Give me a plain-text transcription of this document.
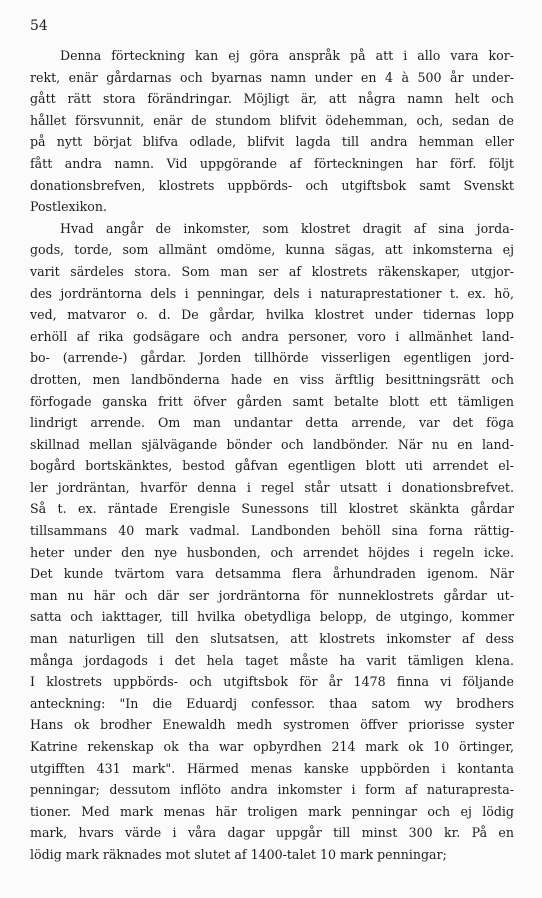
54
Denna förteckning kan ej göra anspråk på att i allo vara kor-
rekt, enär gårdarnas och byarnas namn under en 4 à 500 år under-
gått rätt stora förändringar. Möjligt är, att några namn helt och
hållet försvunnit, enär de stundom blifvit ödehemman, och, sedan de
på nytt börjat blifva odlade, blifvit lagda till andra hemman eller
fått andra namn. Vid uppgörande af förteckningen har förf. följt
donationsbrefven, klostrets uppbörds- och utgiftsbok samt Svenskt
Postlexikon.
Hvad angår de inkomster, som klostret dragit af sina jorda-
gods, torde, som allmänt omdöme, kunna sägas, att inkomsterna ej
varit särdeles stora. Som man ser af klostrets räkenskaper, utgjor-
des jordräntorna dels i penningar, dels i naturaprestationer t. ex. hö,
ved, matvaror o. d. De gårdar, hvilka klostret under tidernas lopp
erhöll af rika godsägare och andra personer, voro i allmänhet land-
bo- (arrende-) gårdar. Jorden tillhörde visserligen egentligen jord-
drotten, men landbönderna hade en viss ärftlig besittningsrätt och
förfogade ganska fritt öfver gården samt betalte blott ett tämligen
lindrigt arrende. Om man undantar detta arrende, var det föga
skillnad mellan självägande bönder och landbönder. När nu en land-
bogård bortskänktes, bestod gåfvan egentligen blott uti arrendet el-
ler jordräntan, hvarför denna i regel står utsatt i donationsbrefvet.
Så t. ex. räntade Erengisle Sunessons till klostret skänkta gårdar
tillsammans 40 mark vadmal. Landbonden behöll sina forna rättig-
heter under den nye husbonden, och arrendet höjdes i regeln icke.
Det kunde tvärtom vara detsamma flera århundraden igenom. När
man nu här och där ser jordräntorna för nunneklostrets gårdar ut-
satta och iakttager, till hvilka obetydliga belopp, de utgingo, kommer
man naturligen till den slutsatsen, att klostrets inkomster af dess
många jordagods i det hela taget måste ha varit tämligen klena.
I klostrets uppbörds- och utgiftsbok för år 1478 finna vi följande
anteckning: "In die Eduardj confessor. thaa satom wy brodhers
Hans ok brodher Enewaldh medh systromen öffver priorisse syster
Katrine rekenskap ok tha war opbyrdhen 214 mark ok 10 örtinger,
utgifften 431 mark". Härmed menas kanske uppbörden i kontanta
penningar; dessutom inflöto andra inkomster i form af naturapresta-
tioner. Med mark menas här troligen mark penningar och ej lödig
mark, hvars värde i våra dagar uppgår till minst 300 kr. På en
lödig mark räknades mot slutet af 1400-talet 10 mark penningar;
